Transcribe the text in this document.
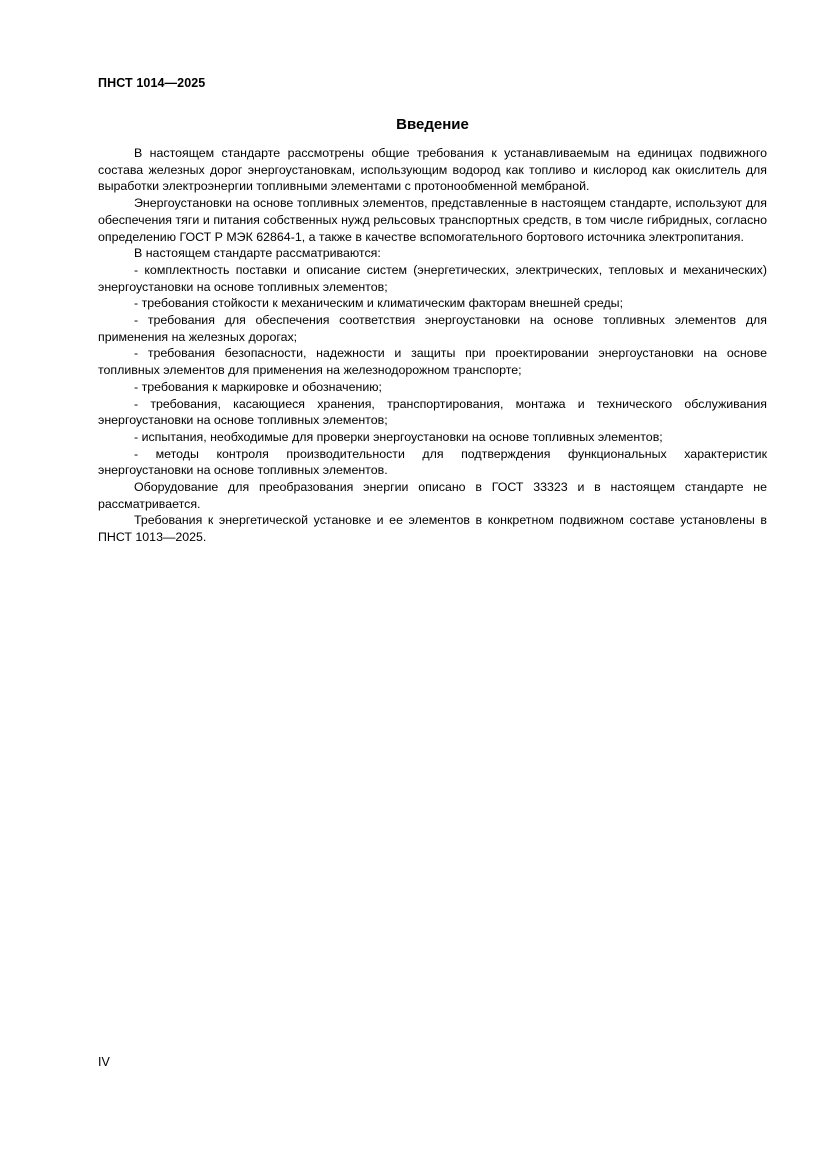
ПНСТ 1014—2025
Введение

В настоящем стандарте рассмотрены общие требования к устанавливаемым на единицах подвижного состава железных дорог энергоустановкам, использующим водород как топливо и кислород как окислитель для выработки электроэнергии топливными элементами с протонообменной мембраной.

Энергоустановки на основе топливных элементов, представленные в настоящем стандарте, используют для обеспечения тяги и питания собственных нужд рельсовых транспортных средств, в том числе гибридных, согласно определению ГОСТ Р МЭК 62864-1, а также в качестве вспомогательного бортового источника электропитания.

В настоящем стандарте рассматриваются:

- комплектность поставки и описание систем (энергетических, электрических, тепловых и механических) энергоустановки на основе топливных элементов;

- требования стойкости к механическим и климатическим факторам внешней среды;

- требования для обеспечения соответствия энергоустановки на основе топливных элементов для применения на железных дорогах;

- требования безопасности, надежности и защиты при проектировании энергоустановки на основе топливных элементов для применения на железнодорожном транспорте;

- требования к маркировке и обозначению;

- требования, касающиеся хранения, транспортирования, монтажа и технического обслуживания энергоустановки на основе топливных элементов;

- испытания, необходимые для проверки энергоустановки на основе топливных элементов;

- методы контроля производительности для подтверждения функциональных характеристик энергоустановки на основе топливных элементов.

Оборудование для преобразования энергии описано в ГОСТ 33323 и в настоящем стандарте не рассматривается.

Требования к энергетической установке и ее элементов в конкретном подвижном составе установлены в ПНСТ 1013—2025.

IV
